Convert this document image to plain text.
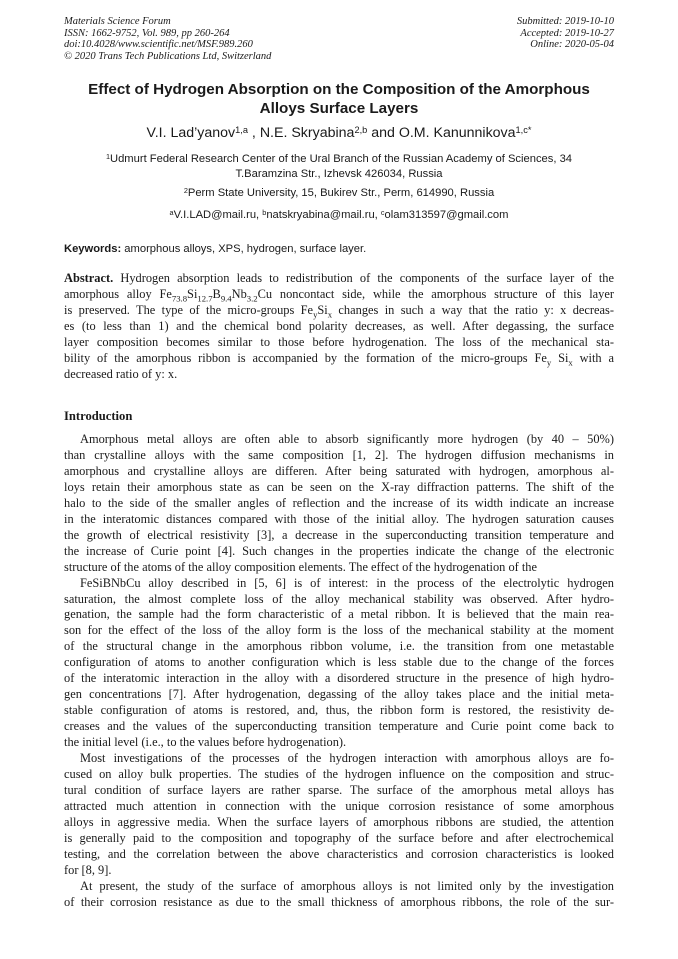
Materials Science Forum
ISSN: 1662-9752, Vol. 989, pp 260-264
doi:10.4028/www.scientific.net/MSF.989.260
© 2020 Trans Tech Publications Ltd, Switzerland
Submitted: 2019-10-10
Accepted: 2019-10-27
Online: 2020-05-04
Effect of Hydrogen Absorption on the Composition of the Amorphous
Alloys Surface Layers
V.I. Lad’yanov$^{1,a}$ , N.E. Skryabina$^{2,b}$ and O.M. Kanunnikova$^{1,c*}$
$^1$Udmurt Federal Research Center of the Ural Branch of the Russian Academy of Sciences, 34
T.Baramzina Str., Izhevsk 426034, Russia
$^2$Perm State University, 15, Bukirev Str., Perm, 614990, Russia
$^a$V.I.LAD@mail.ru, $^b$natskryabina@mail.ru, $^c$olam313597@gmail.com
Keywords: amorphous alloys, XPS, hydrogen, surface layer.
Abstract. Hydrogen absorption leads to redistribution of the components of the surface layer of the
amorphous alloy $Fe_{73.8}Si_{12.7}B_{9.4}Nb_{3.2}Cu$ noncontact side, while the amorphous structure of this layer
is preserved. The type of the micro-groups $Fe_ySi_x$ changes in such a way that the ratio y: x decreas-
es (to less than 1) and the chemical bond polarity decreases, as well. After degassing, the surface
layer composition becomes similar to those before hydrogenation. The loss of the mechanical sta-
bility of the amorphous ribbon is accompanied by the formation of the micro-groups $Fe_y$ $Si_x$ with a
decreased ratio of y: x.
Introduction
Amorphous metal alloys are often able to absorb significantly more hydrogen (by 40 – 50%)
than crystalline alloys with the same composition [1, 2]. The hydrogen diffusion mechanisms in
amorphous and crystalline alloys are differen. After being saturated with hydrogen, amorphous al-
loys retain their amorphous state as can be seen on the X-ray diffraction patterns. The shift of the
halo to the side of the smaller angles of reflection and the increase of its width indicate an increase
in the interatomic distances compared with those of the initial alloy. The hydrogen saturation causes
the growth of electrical resistivity [3], a decrease in the superconducting transition temperature and
the increase of Curie point [4]. Such changes in the properties indicate the change of the electronic
structure of the atoms of the alloy composition elements. The effect of the hydrogenation of the
FeSiBNbCu alloy described in [5, 6] is of interest: in the process of the electrolytic hydrogen
saturation, the almost complete loss of the alloy mechanical stability was observed. After hydro-
genation, the sample had the form characteristic of a metal ribbon. It is believed that the main rea-
son for the effect of the loss of the alloy form is the loss of the mechanical stability at the moment
of the structural change in the amorphous ribbon volume, i.e. the transition from one metastable
configuration of atoms to another configuration which is less stable due to the change of the forces
of the interatomic interaction in the alloy with a disordered structure in the presence of high hydro-
gen concentrations [7]. After hydrogenation, degassing of the alloy takes place and the initial meta-
stable configuration of atoms is restored, and, thus, the ribbon form is restored, the resistivity de-
creases and the values of the superconducting transition temperature and Curie point come back to
the initial level (i.e., to the values before hydrogenation).
Most investigations of the processes of the hydrogen interaction with amorphous alloys are fo-
cused on alloy bulk properties. The studies of the hydrogen influence on the composition and struc-
tural condition of surface layers are rather sparse. The surface of the amorphous metal alloys has
attracted much attention in connection with the unique corrosion resistance of some amorphous
alloys in aggressive media. When the surface layers of amorphous ribbons are studied, the attention
is generally paid to the composition and topography of the surface before and after electrochemical
testing, and the correlation between the above characteristics and corrosion characteristics is looked
for [8, 9].
At present, the study of the surface of amorphous alloys is not limited only by the investigation
of their corrosion resistance as due to the small thickness of amorphous ribbons, the role of the sur-
